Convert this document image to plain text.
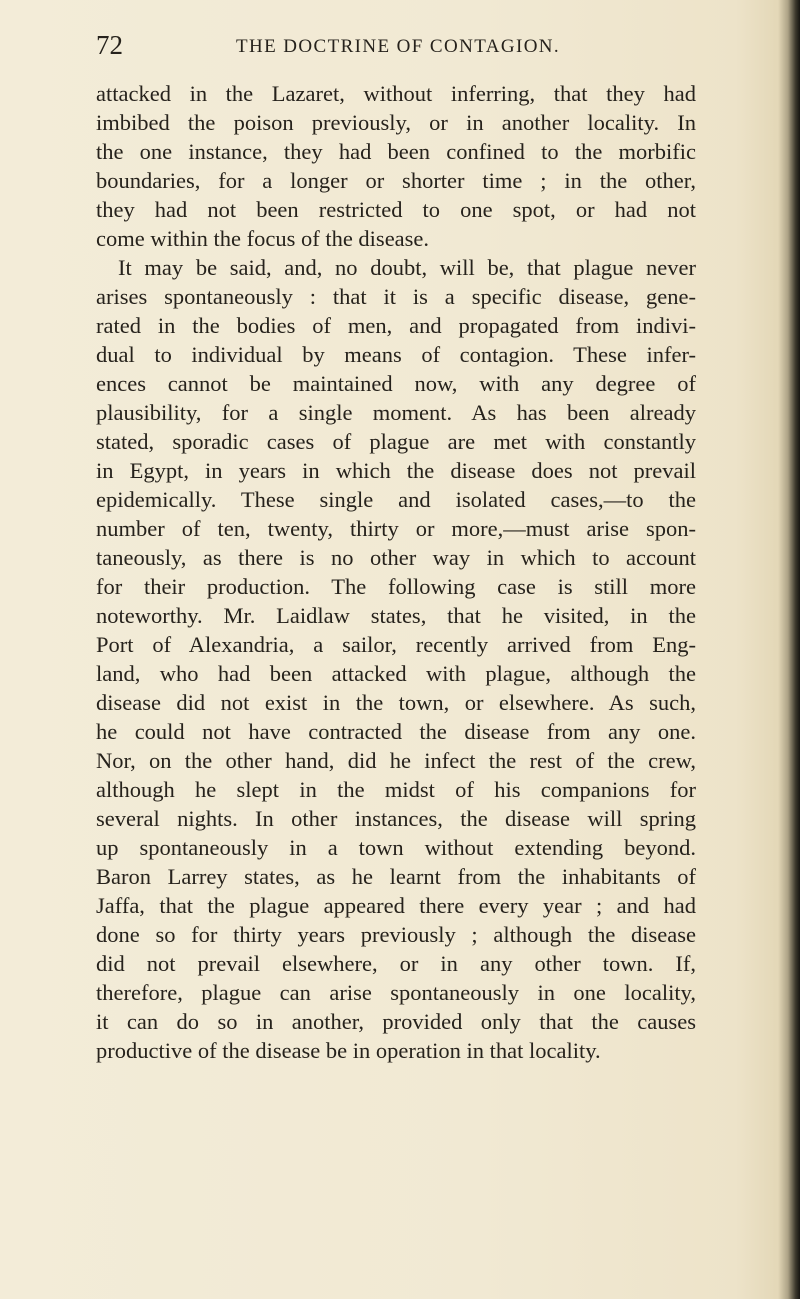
72	THE DOCTRINE OF CONTAGION.
attacked in the Lazaret, without inferring, that they had
imbibed the poison previously, or in another locality. In
the one instance, they had been confined to the morbific
boundaries, for a longer or shorter time ; in the other,
they had not been restricted to one spot, or had not
come within the focus of the disease.
It may be said, and, no doubt, will be, that plague never
arises spontaneously : that it is a specific disease, gene-
rated in the bodies of men, and propagated from indivi-
dual to individual by means of contagion. These infer-
ences cannot be maintained now, with any degree of
plausibility, for a single moment. As has been already
stated, sporadic cases of plague are met with constantly
in Egypt, in years in which the disease does not prevail
epidemically. These single and isolated cases,—to the
number of ten, twenty, thirty or more,—must arise spon-
taneously, as there is no other way in which to account
for their production. The following case is still more
noteworthy. Mr. Laidlaw states, that he visited, in the
Port of Alexandria, a sailor, recently arrived from Eng-
land, who had been attacked with plague, although the
disease did not exist in the town, or elsewhere. As such,
he could not have contracted the disease from any one.
Nor, on the other hand, did he infect the rest of the crew,
although he slept in the midst of his companions for
several nights. In other instances, the disease will spring
up spontaneously in a town without extending beyond.
Baron Larrey states, as he learnt from the inhabitants of
Jaffa, that the plague appeared there every year ; and had
done so for thirty years previously ; although the disease
did not prevail elsewhere, or in any other town. If,
therefore, plague can arise spontaneously in one locality,
it can do so in another, provided only that the causes
productive of the disease be in operation in that locality.
